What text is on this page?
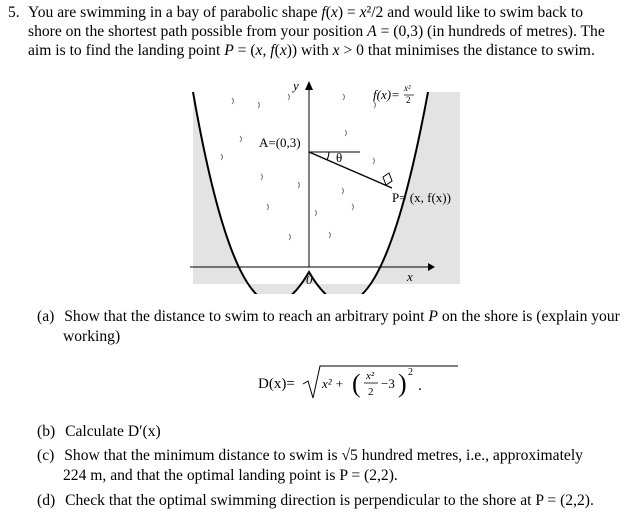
5. You are swimming in a bay of parabolic shape f(x) = x²/2 and would like to swim back to
shore on the shortest path possible from your position A = (0,3) (in hundreds of metres). The
aim is to find the landing point P = (x, f(x)) with x > 0 that minimises the distance to swim.
y
x
0
A=(0,3)
θ
P= (x, f(x))
f(x)= x²
2
(a) Show that the distance to swim to reach an arbitrary point P on the shore is (explain your
working)
D(x)= x² + ( x²
2
−3 ) 2
.
(b) Calculate D′(x)
(c) Show that the minimum distance to swim is √5 hundred metres, i.e., approximately
224 m, and that the optimal landing point is P = (2,2).
(d) Check that the optimal swimming direction is perpendicular to the shore at P = (2,2).
